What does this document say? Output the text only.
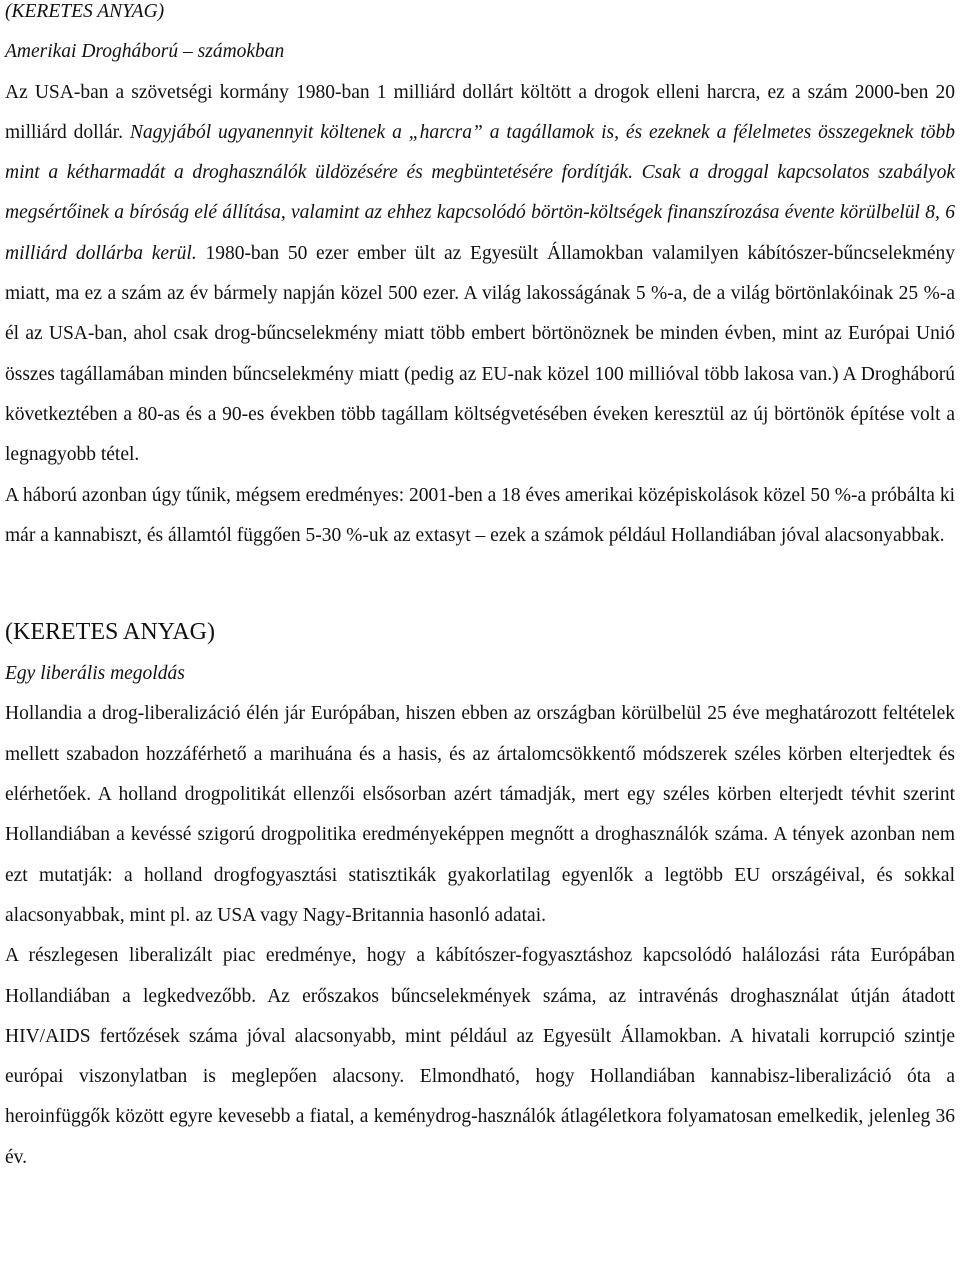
(KERETES ANYAG)

Amerikai Drogháború – számokban

Az USA-ban a szövetségi kormány 1980-ban 1 milliárd dollárt költött a drogok elleni harcra, ez a szám 2000-ben 20 milliárd dollár. Nagyjából ugyanennyit költenek a „harcra” a tagállamok is, és ezeknek a félelmetes összegeknek több mint a kétharmadát a droghasználók üldözésére és megbüntetésére fordítják. Csak a droggal kapcsolatos szabályok megsértőinek a bíróság elé állítása, valamint az ehhez kapcsolódó börtön-költségek finanszírozása évente körülbelül 8, 6 milliárd dollárba kerül. 1980-ban 50 ezer ember ült az Egyesült Államokban valamilyen kábítószer-bűncselekmény miatt, ma ez a szám az év bármely napján közel 500 ezer. A világ lakosságának 5 %-a, de a világ börtönlakóinak 25 %-a él az USA-ban, ahol csak drog-bűncselekmény miatt több embert börtönöznek be minden évben, mint az Európai Unió összes tagállamában minden bűncselekmény miatt (pedig az EU-nak közel 100 millióval több lakosa van.) A Drogháború következtében a 80-as és a 90-es években több tagállam költségvetésében éveken keresztül az új börtönök építése volt a legnagyobb tétel.

A háború azonban úgy tűnik, mégsem eredményes: 2001-ben a 18 éves amerikai középiskolások közel 50 %-a próbálta ki már a kannabiszt, és államtól függően 5-30 %-uk az extasyt – ezek a számok például Hollandiában jóval alacsonyabbak.

(KERETES ANYAG)

Egy liberális megoldás

Hollandia a drog-liberalizáció élén jár Európában, hiszen ebben az országban körülbelül 25 éve meghatározott feltételek mellett szabadon hozzáférhető a marihuána és a hasis, és az ártalomcsökkentő módszerek széles körben elterjedtek és elérhetőek. A holland drogpolitikát ellenzői elsősorban azért támadják, mert egy széles körben elterjedt tévhit szerint Hollandiában a kevéssé szigorú drogpolitika eredményeképpen megnőtt a droghasználók száma. A tények azonban nem ezt mutatják: a holland drogfogyasztási statisztikák gyakorlatilag egyenlők a legtöbb EU országéival, és sokkal alacsonyabbak, mint pl. az USA vagy Nagy-Britannia hasonló adatai.

A részlegesen liberalizált piac eredménye, hogy a kábítószer-fogyasztáshoz kapcsolódó halálozási ráta Európában Hollandiában a legkedvezőbb. Az erőszakos bűncselekmények száma, az intravénás droghasználat útján átadott HIV/AIDS fertőzések száma jóval alacsonyabb, mint például az Egyesült Államokban. A hivatali korrupció szintje európai viszonylatban is meglepően alacsony. Elmondható, hogy Hollandiában kannabisz-liberalizáció óta a heroinfüggők között egyre kevesebb a fiatal, a keménydrog-használók átlagéletkora folyamatosan emelkedik, jelenleg 36 év.
